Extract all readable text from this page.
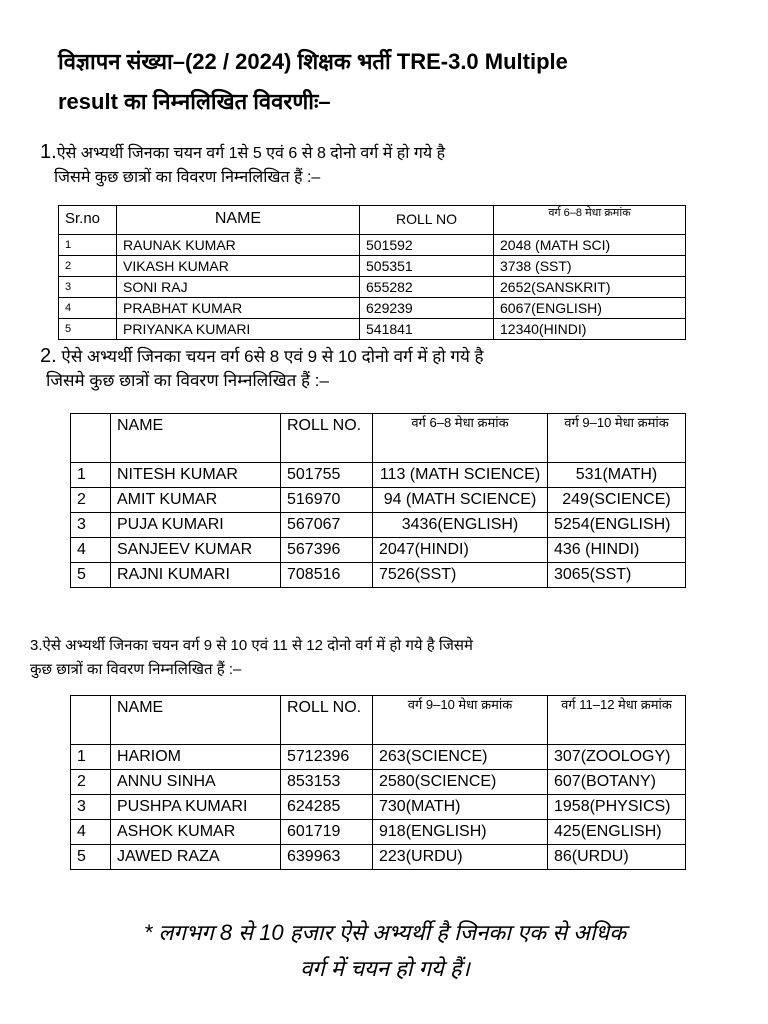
विज्ञापन संख्या–(22 / 2024) शिक्षक भर्ती TRE-3.0 Multiple
result का निम्नलिखित विवरणीः–
1.ऐसे अभ्यर्थी जिनका चयन वर्ग 1से 5 एवं 6 से 8 दोनो वर्ग में हो गये है
जिसमे कुछ छात्रों का विवरण निम्नलिखित हैं :–
Sr.no	NAME	ROLL NO	वर्ग 6–8 मेधा क्रमांक
1	RAUNAK KUMAR	501592	2048 (MATH SCI)
2	VIKASH KUMAR	505351	3738 (SST)
3	SONI RAJ	655282	2652(SANSKRIT)
4	PRABHAT KUMAR	629239	6067(ENGLISH)
5	PRIYANKA KUMARI	541841	12340(HINDI)
2. ऐसे अभ्यर्थी जिनका चयन वर्ग 6से 8 एवं 9 से 10 दोनो वर्ग में हो गये है
जिसमे कुछ छात्रों का विवरण निम्नलिखित हैं :–
	NAME	ROLL NO.	वर्ग 6–8 मेधा क्रमांक	वर्ग 9–10 मेधा क्रमांक
1	NITESH KUMAR	501755	113 (MATH SCIENCE)	531(MATH)
2	AMIT KUMAR	516970	94 (MATH SCIENCE)	249(SCIENCE)
3	PUJA KUMARI	567067	3436(ENGLISH)	5254(ENGLISH)
4	SANJEEV KUMAR	567396	2047(HINDI)	436 (HINDI)
5	RAJNI KUMARI	708516	7526(SST)	3065(SST)
3.ऐसे अभ्यर्थी जिनका चयन वर्ग 9 से 10 एवं 11 से 12 दोनो वर्ग में हो गये है जिसमे
कुछ छात्रों का विवरण निम्नलिखित हैं :–
	NAME	ROLL NO.	वर्ग 9–10 मेधा क्रमांक	वर्ग 11–12 मेधा क्रमांक
1	HARIOM	5712396	263(SCIENCE)	307(ZOOLOGY)
2	ANNU SINHA	853153	2580(SCIENCE)	607(BOTANY)
3	PUSHPA KUMARI	624285	730(MATH)	1958(PHYSICS)
4	ASHOK KUMAR	601719	918(ENGLISH)	425(ENGLISH)
5	JAWED RAZA	639963	223(URDU)	86(URDU)
* लगभग 8 से 10 हजार ऐसे अभ्यर्थी है जिनका एक से अधिक
वर्ग में चयन हो गये हैं।
